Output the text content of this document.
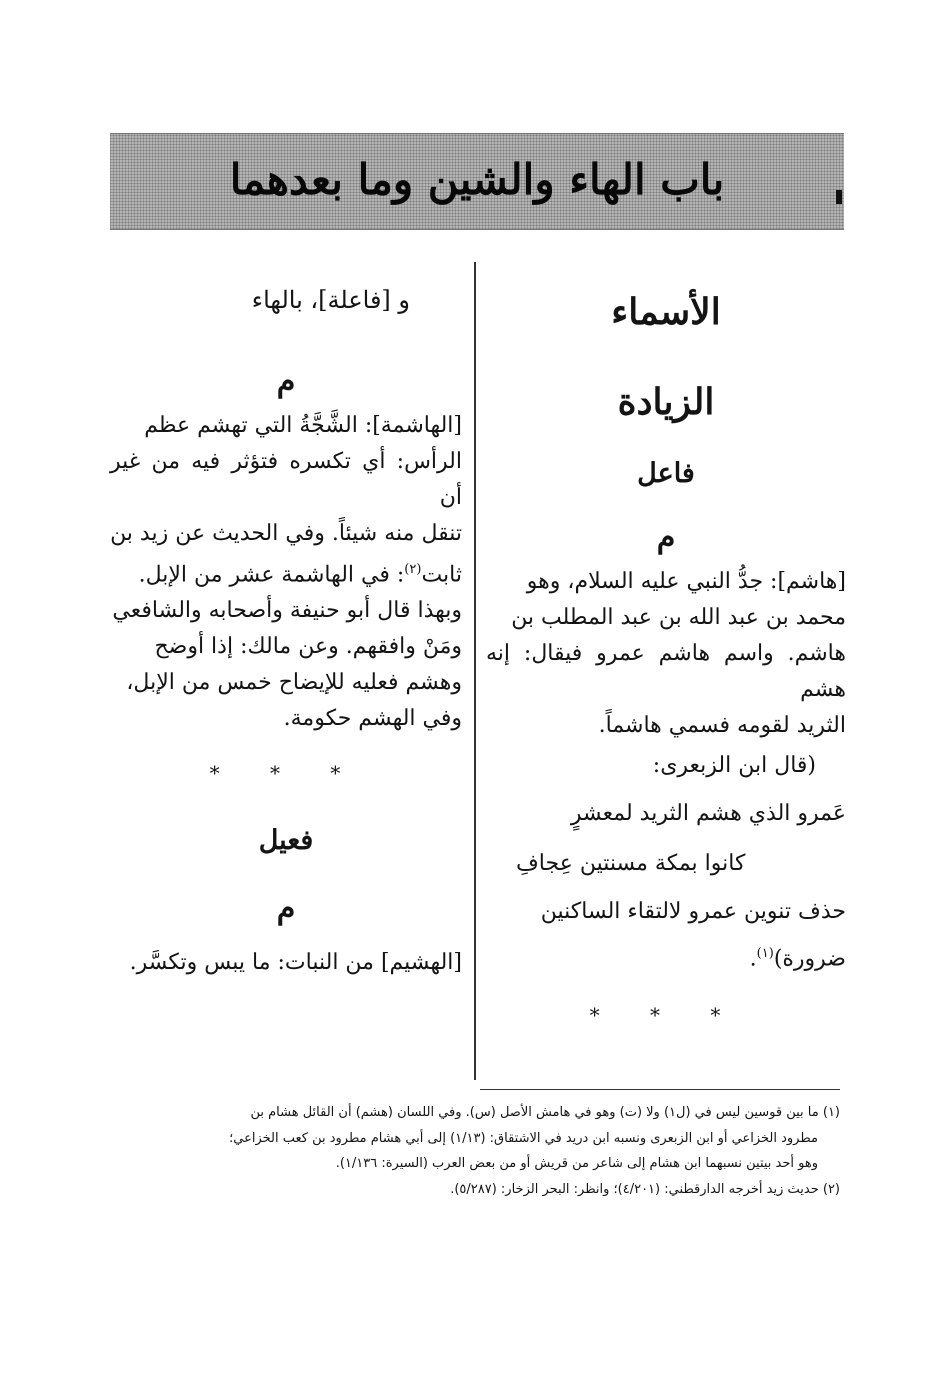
باب الهاء والشين وما بعدهما

الأسماء

الزيادة

فاعل

م

[هاشم]: جدُّ النبي عليه السلام، وهو

محمد بن عبد الله بن عبد المطلب بن

هاشم. واسم هاشم عمرو فيقال: إنه هشم

الثريد لقومه فسمي هاشماً.

(قال ابن الزبعرى:

عَمرو الذي هشم الثريد لمعشرٍ

كانوا بمكة مسنتين عِجافِ

حذف تنوين عمرو لالتقاء الساكنين

ضرورة)$^{(١)}$.

* * *

و [فاعلة]، بالهاء

م

[الهاشمة]: الشَّجَّةُ التي تهشم عظم

الرأس: أي تكسره فتؤثر فيه من غير أن

تنقل منه شيئاً. وفي الحديث عن زيد بن

ثابت$^{(٢)}$: في الهاشمة عشر من الإبل.

وبهذا قال أبو حنيفة وأصحابه والشافعي

ومَنْ وافقهم. وعن مالك: إذا أوضح

وهشم فعليه للإيضاح خمس من الإبل،

وفي الهشم حكومة.

* * *

فعيل

م

[الهشيم] من النبات: ما يبس وتكسَّر.

(١) ما بين قوسين ليس في (ل١) ولا (ت) وهو في هامش الأصل (س). وفي اللسان (هشم) أن القائل هشام بن

مطرود الخزاعي أو ابن الزبعرى ونسبه ابن دريد في الاشتقاق: (١/١٣) إلى أبي هشام مطرود بن كعب الخزاعي؛

وهو أحد بيتين نسبهما ابن هشام إلى شاعر من قريش أو من بعض العرب (السيرة: ١/١٣٦).

(٢) حديث زيد أخرجه الدارقطني: (٤/٢٠١)؛ وانظر: البحر الزخار: (٥/٢٨٧).
